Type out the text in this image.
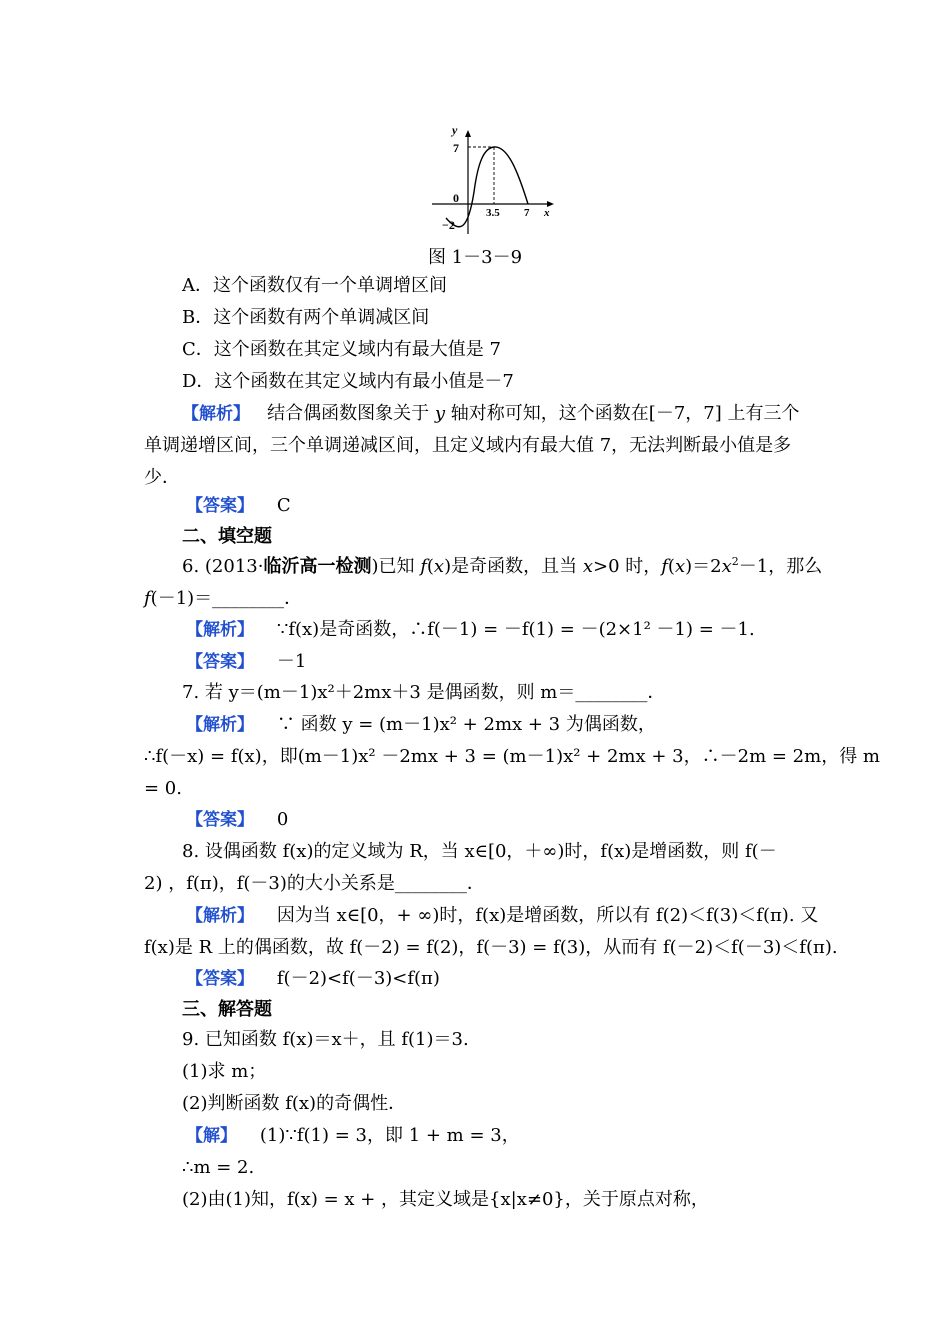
y
7
0
−2
3.5 7 x
图 1－3－9
A．这个函数仅有一个单调增区间
B．这个函数有两个单调减区间
C．这个函数在其定义域内有最大值是 7
D．这个函数在其定义域内有最小值是－7
【解析】 结合偶函数图象关于 y 轴对称可知，这个函数在[－7，7] 上有三个
单调递增区间，三个单调递减区间，且定义域内有最大值 7，无法判断最小值是多
少．
【答案】 C
二、填空题
6. (2013·临沂高一检测)已知 f(x)是奇函数，且当 x>0 时，$f(x)=2x^2-1$，那么
f(－1)＝________．
【解析】 ∵f(x)是奇函数，∴f(－1) = －f(1) = －(2×1² －1) = －1.
【答案】 －1
7. 若 y＝(m－1)x²＋2mx＋3 是偶函数，则 m＝________．
【解析】 ∵ 函数 y = (m－1)x² + 2mx + 3 为偶函数，
∴f(－x) = f(x)，即(m－1)x² －2mx + 3 = (m－1)x² + 2mx + 3，∴－2m = 2m，得 m
= 0.
【答案】 0
8. 设偶函数 f(x)的定义域为 R，当 x∈[0，＋∞)时，f(x)是增函数，则 f(－
2) ，f(π)，f(－3)的大小关系是________．
【解析】 因为当 x∈[0，+ ∞)时，f(x)是增函数，所以有 f(2)＜f(3)＜f(π). 又
f(x)是 R 上的偶函数，故 f(－2) = f(2)，f(－3) = f(3)，从而有 f(－2)＜f(－3)＜f(π).
【答案】 f(－2)<f(－3)<f(π)
三、解答题
9. 已知函数 f(x)＝x＋，且 f(1)＝3.
(1)求 m；
(2)判断函数 f(x)的奇偶性．
【解】 (1)∵f(1) = 3，即 1 + m = 3，
∴m = 2.
(2)由(1)知，f(x) = x + ，其定义域是{x|x≠0}，关于原点对称，
